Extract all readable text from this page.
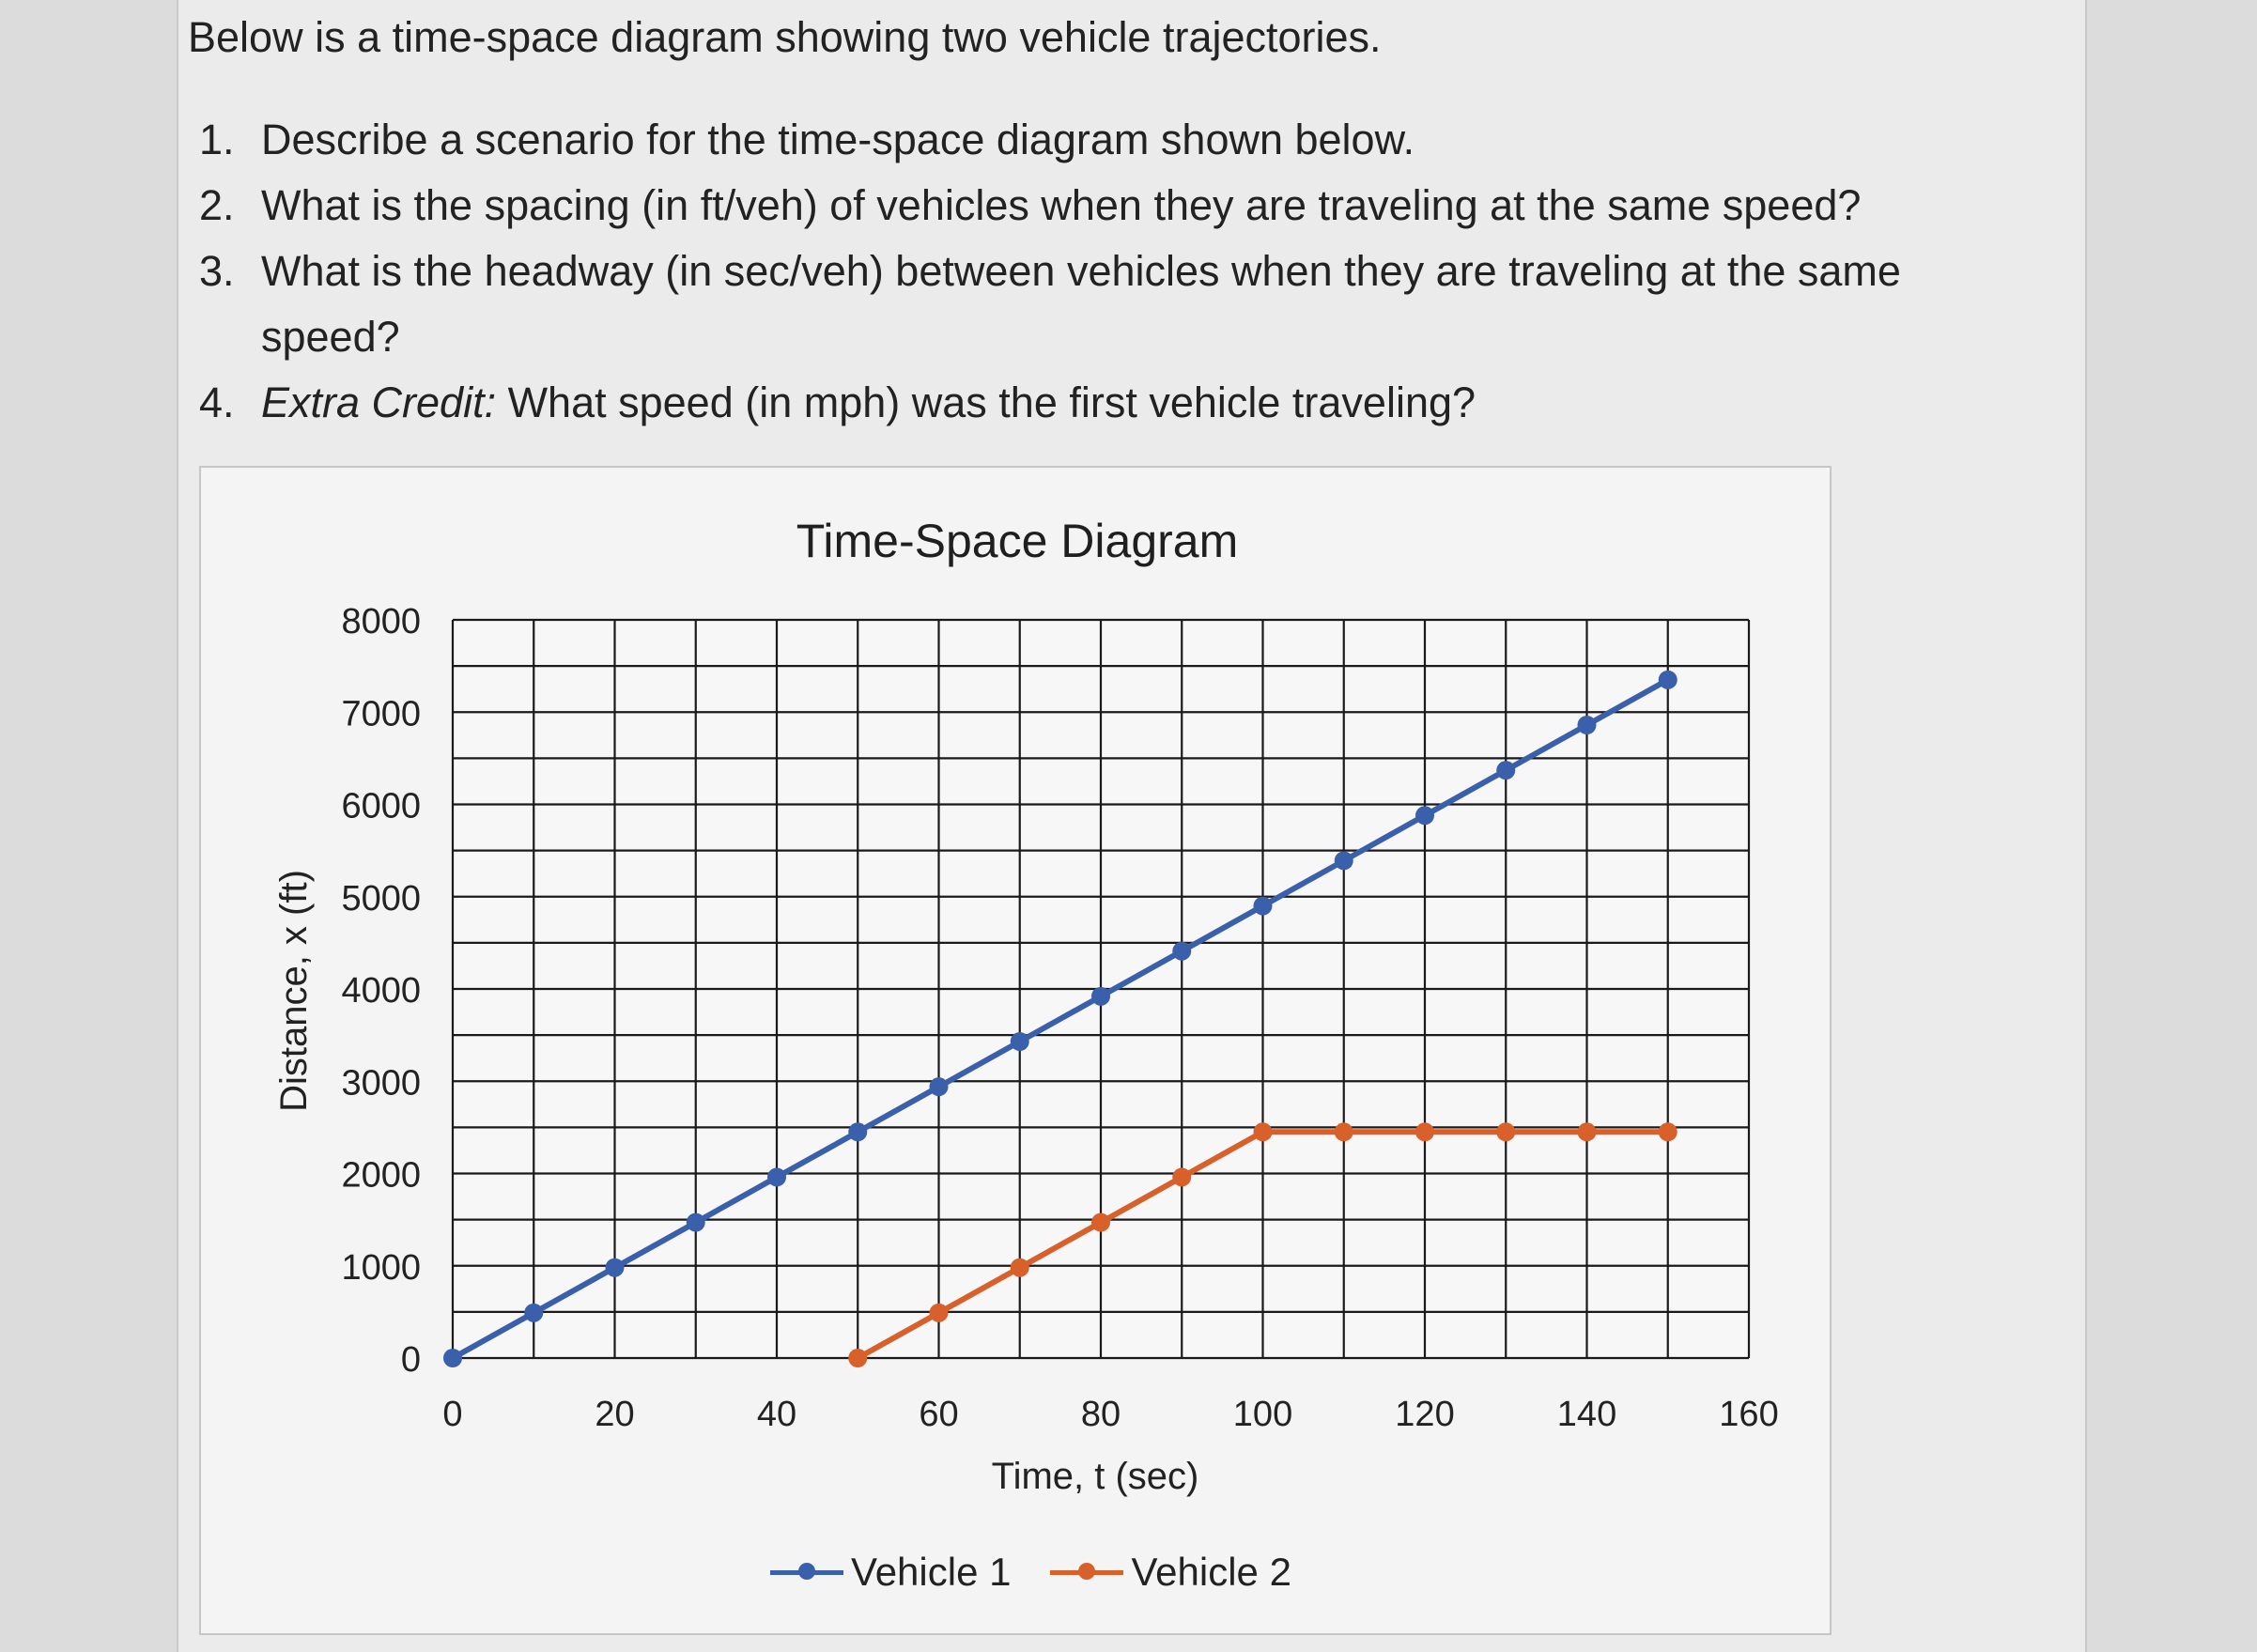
Below is a time-space diagram showing two vehicle trajectories.

1. Describe a scenario for the time-space diagram shown below.
2. What is the spacing (in ft/veh) of vehicles when they are traveling at the same speed?
3. What is the headway (in sec/veh) between vehicles when they are traveling at the same speed?
4. Extra Credit: What speed (in mph) was the first vehicle traveling?
Time-Space Diagram
Time, t (sec)
Distance, x (ft)
0	20	40	60	80	100	120	140	160
0
1000
2000
3000
4000
5000
6000
7000
8000
Vehicle 1	Vehicle 2
